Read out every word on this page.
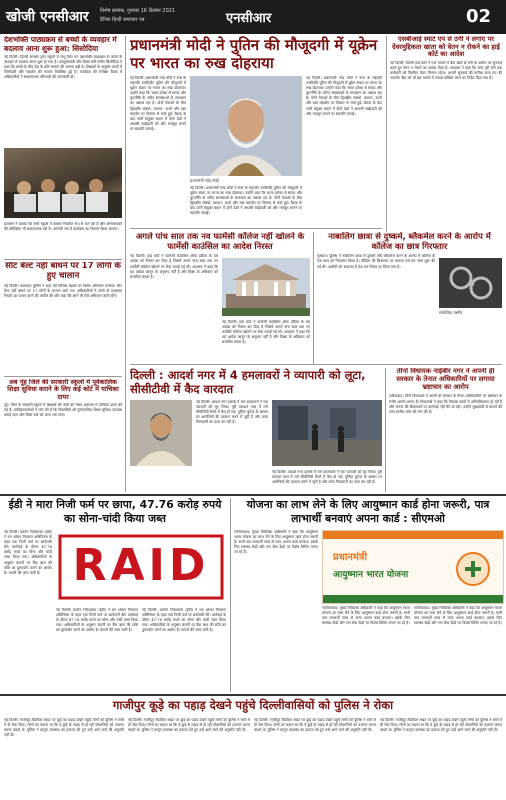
खोजी एनसीआर विशेष क्रमांक, गुरुवार 16 दिसंबर 2021
दैनिक हिन्दी समाचार पत्र	एनसीआर	02
देशभक्ति पाठ्यक्रम से बच्चों के व्यवहार में बदलाव आना शुरू हुआ: सिसोदिया
नई दिल्ली। दिल्ली सरकार द्वारा स्कूलों में लागू किए गए देशभक्ति पाठ्यक्रम से बच्चों के व्यवहार में बदलाव आना शुरू हो गया है। उपमुख्यमंत्री और शिक्षा मंत्री मनीष सिसोदिया ने कहा कि बच्चों के बीच देश के प्रति सम्मान की भावना बढ़ी है। शिक्षकों के अनुसार छात्रों में जिम्मेदारी और सहयोग की भावना विकसित हुई है। कार्यक्रम की समीक्षा बैठक में अधिकारियों ने सकारात्मक परिणामों की जानकारी दी।
प्रशासन ने बताया कि सभी स्कूलों में कक्षाएं नियमित रूप से चल रही हैं और अभिभावकों की प्रतिक्रिया भी सकारात्मक रही है। आगामी सत्र में कार्यक्रम का विस्तार किया जाएगा।
सीट बेल्ट नहीं बांधने पर 17 लोगों के हुए चालान
नई दिल्ली। यातायात पुलिस ने शहर की विभिन्न सड़कों पर विशेष अभियान चलाया। सीट बेल्ट नहीं बांधने पर 17 लोगों के चालान काटे गए। अधिकारियों ने लोगों से यातायात नियमों का पालन करने की अपील की और कहा कि आगे भी ऐसे अभियान जारी रहेंगे।
अब नूंह जिले की सरकारी स्कूलों में पूर्वकालिक शिक्षा सुविधा कराने के लिए कई कोर्ट में याचिका दायर
नूंह। जिले के सरकारी स्कूलों में शिक्षकों की कमी को लेकर अदालत में याचिका दायर की गई है। याचिकाकर्ताओं ने मांग की है कि विद्यार्थियों को पूर्णकालिक शिक्षा सुविधा उपलब्ध कराई जाए और रिक्त पदों को जल्द भरा जाए।
प्रधानमंत्री मोदी ने पुतिन की मौजूदगी में यूक्रेन पर भारत का रुख दोहराया
नई दिल्ली। प्रधानमंत्री नरेंद्र मोदी ने रूस के राष्ट्रपति व्लादिमीर पुतिन की मौजूदगी में यूक्रेन संकट पर भारत का रुख दोहराया। उन्होंने कहा कि भारत हमेशा से संवाद और कूटनीति के जरिए समस्याओं के समाधान का पक्षधर रहा है। दोनों नेताओं के बीच द्विपक्षीय संबंधों, व्यापार, ऊर्जा और रक्षा सहयोग पर विस्तार से चर्चा हुई। बैठक के बाद जारी संयुक्त बयान में दोनों देशों ने आपसी साझेदारी को और मजबूत बनाने पर सहमति जताई।
प्रधानमंत्री नरेंद्र मोदी
नई दिल्ली। प्रधानमंत्री नरेंद्र मोदी ने रूस के राष्ट्रपति व्लादिमीर पुतिन की मौजूदगी में यूक्रेन संकट पर भारत का रुख दोहराया। उन्होंने कहा कि भारत हमेशा से संवाद और कूटनीति के जरिए समस्याओं के समाधान का पक्षधर रहा है। दोनों नेताओं के बीच द्विपक्षीय संबंधों, व्यापार, ऊर्जा और रक्षा सहयोग पर विस्तार से चर्चा हुई। बैठक के बाद जारी संयुक्त बयान में दोनों देशों ने आपसी साझेदारी को और मजबूत बनाने पर सहमति जताई।
नई दिल्ली। प्रधानमंत्री नरेंद्र मोदी ने रूस के राष्ट्रपति व्लादिमीर पुतिन की मौजूदगी में यूक्रेन संकट पर भारत का रुख दोहराया। उन्होंने कहा कि भारत हमेशा से संवाद और कूटनीति के जरिए समस्याओं के समाधान का पक्षधर रहा है। दोनों नेताओं के बीच द्विपक्षीय संबंधों, व्यापार, ऊर्जा और रक्षा सहयोग पर विस्तार से चर्चा हुई। बैठक के बाद जारी संयुक्त बयान में दोनों देशों ने आपसी साझेदारी को और मजबूत बनाने पर सहमति जताई।
एसबीआई स्मार्ट एप से ठगी ने लगाए पर देवरमुद्दिकता खाता को वेतन न रोकने का हाई कोर्ट का आदेश
नई दिल्ली। दिल्ली हाई कोर्ट ने एक मामले में बैंक खाते से ठगी के आरोप पर सुनवाई करते हुए वेतन न रोकने का आदेश दिया है। अदालत ने कहा कि जांच पूरी होने तक कर्मचारी को नियमित वेतन मिलता रहेगा। अगली सुनवाई की तारीख जल्द तय की जाएगी। बैंक को भी इस मामले में जवाब दाखिल करने का निर्देश दिया गया है।
अगले पांच साल तक नव फार्मेसी कॉलेज नहीं खोलने के फार्मेसी काउंसिल का आदेश निरस्त
नई दिल्ली। हाई कोर्ट ने फार्मेसी काउंसिल ऑफ इंडिया के उस आदेश को निरस्त कर दिया है जिसमें अगले पांच साल तक नए फार्मेसी कॉलेज खोलने पर रोक लगाई गई थी। अदालत ने कहा कि यह आदेश कानून के अनुरूप नहीं है और शिक्षा के अधिकार को प्रभावित करता है।
नई दिल्ली। हाई कोर्ट ने फार्मेसी काउंसिल ऑफ इंडिया के उस आदेश को निरस्त कर दिया है जिसमें अगले पांच साल तक नए फार्मेसी कॉलेज खोलने पर रोक लगाई गई थी। अदालत ने कहा कि यह आदेश कानून के अनुरूप नहीं है और शिक्षा के अधिकार को प्रभावित करता है।
नाबालिग छात्रा से दुष्कर्म, ब्लैकमेल करने के आरोप में कॉलेज का छात्र गिरफ्तार
गुरुग्राम। पुलिस ने नाबालिग छात्रा से दुष्कर्म और ब्लैकमेल करने के आरोप में कॉलेज के एक छात्र को गिरफ्तार किया है। पीड़िता की शिकायत पर मामला दर्ज कर जांच शुरू की गई थी। आरोपी को अदालत में पेश कर रिमांड पर लिया गया है।
सांकेतिक तस्वीर
दिल्ली : आदर्श नगर में 4 हमलावरों ने व्यापारी को लूटा, सीसीटीवी में कैद वारदात
नई दिल्ली। आदर्श नगर इलाके में चार हमलावरों ने एक व्यापारी को लूट लिया। पूरी वारदात पास में लगे सीसीटीवी कैमरे में कैद हो गई। पुलिस फुटेज के आधार पर आरोपियों की पहचान करने में जुटी है और जल्द गिरफ्तारी का दावा कर रही है।
नई दिल्ली। आदर्श नगर इलाके में चार हमलावरों ने एक व्यापारी को लूट लिया। पूरी वारदात पास में लगे सीसीटीवी कैमरे में कैद हो गई। पुलिस फुटेज के आधार पर आरोपियों की पहचान करने में जुटी है और जल्द गिरफ्तारी का दावा कर रही है।
तीनों विधायक नाईबीर नगर ने अपनी ही सरकार के तेनात अधिकारियों पर लगाया भ्रष्टाचार का आरोप
फरीदाबाद। तीनों विधायकों ने अपनी ही सरकार के तैनात अधिकारियों पर भ्रष्टाचार के गंभीर आरोप लगाए हैं। विधायकों ने कहा कि विकास कार्यों में अनियमितताएं हो रही हैं और जनता की शिकायतों पर कार्रवाई नहीं की जा रही। उन्होंने मुख्यमंत्री से मामले की उच्च स्तरीय जांच की मांग की है।
ईडी ने मारा निजी फर्म पर छापा, 47.76 करोड़ रुपये का सोना-चांदी किया जब्त
नई दिल्ली। प्रवर्तन निदेशालय (ईडी) ने धन शोधन निवारण अधिनियम के तहत एक निजी फर्म पर छापेमारी की। कार्रवाई के दौरान 47.76 करोड़ रुपये का सोना और चांदी जब्त किया गया। अधिकारियों के अनुसार कंपनी पर बैंक ऋण की राशि का दुरुपयोग करने का आरोप है। मामले की जांच जारी है। RAID
नई दिल्ली। प्रवर्तन निदेशालय (ईडी) ने धन शोधन निवारण अधिनियम के तहत एक निजी फर्म पर छापेमारी की। कार्रवाई के दौरान 47.76 करोड़ रुपये का सोना और चांदी जब्त किया गया। अधिकारियों के अनुसार कंपनी पर बैंक ऋण की राशि का दुरुपयोग करने का आरोप है। मामले की जांच जारी है।
नई दिल्ली। प्रवर्तन निदेशालय (ईडी) ने धन शोधन निवारण अधिनियम के तहत एक निजी फर्म पर छापेमारी की। कार्रवाई के दौरान 47.76 करोड़ रुपये का सोना और चांदी जब्त किया गया। अधिकारियों के अनुसार कंपनी पर बैंक ऋण की राशि का दुरुपयोग करने का आरोप है। मामले की जांच जारी है।
योजना का लाभ लेने के लिए आयुष्मान कार्ड होना जरूरी, पात्र लाभार्थी बनवाएं अपना कार्ड : सीएमओ
गाजियाबाद। मुख्य चिकित्सा अधिकारी ने कहा कि आयुष्मान भारत योजना का लाभ लेने के लिए आयुष्मान कार्ड होना जरूरी है। सभी पात्र लाभार्थी जल्द से जल्द अपना कार्ड बनवाएं। इसके लिए स्वास्थ्य केंद्रों और जन सेवा केंद्रों पर विशेष शिविर लगाए जा रहे हैं।	प्रधानमंत्री
आयुष्मान भारत योजना
गाजियाबाद। मुख्य चिकित्सा अधिकारी ने कहा कि आयुष्मान भारत योजना का लाभ लेने के लिए आयुष्मान कार्ड होना जरूरी है। सभी पात्र लाभार्थी जल्द से जल्द अपना कार्ड बनवाएं। इसके लिए स्वास्थ्य केंद्रों और जन सेवा केंद्रों पर विशेष शिविर लगाए जा रहे हैं।
गाजियाबाद। मुख्य चिकित्सा अधिकारी ने कहा कि आयुष्मान भारत योजना का लाभ लेने के लिए आयुष्मान कार्ड होना जरूरी है। सभी पात्र लाभार्थी जल्द से जल्द अपना कार्ड बनवाएं। इसके लिए स्वास्थ्य केंद्रों और जन सेवा केंद्रों पर विशेष शिविर लगाए जा रहे हैं।
गाजीपुर कूड़े का पहाड़ देखने पहुंचे दिल्लीवासियों को पुलिस ने रोका
नई दिल्ली। गाजीपुर लैंडफिल साइट पर कूड़े का पहाड़ देखने पहुंचे लोगों को पुलिस ने रास्ते में ही रोक दिया। लोगों का कहना था कि वे कूड़े के पहाड़ से हो रही परेशानियों को उजागर करना चाहते थे। पुलिस ने कानून व्यवस्था का हवाला देते हुए उन्हें आगे जाने की अनुमति नहीं दी।
नई दिल्ली। गाजीपुर लैंडफिल साइट पर कूड़े का पहाड़ देखने पहुंचे लोगों को पुलिस ने रास्ते में ही रोक दिया। लोगों का कहना था कि वे कूड़े के पहाड़ से हो रही परेशानियों को उजागर करना चाहते थे। पुलिस ने कानून व्यवस्था का हवाला देते हुए उन्हें आगे जाने की अनुमति नहीं दी।
नई दिल्ली। गाजीपुर लैंडफिल साइट पर कूड़े का पहाड़ देखने पहुंचे लोगों को पुलिस ने रास्ते में ही रोक दिया। लोगों का कहना था कि वे कूड़े के पहाड़ से हो रही परेशानियों को उजागर करना चाहते थे। पुलिस ने कानून व्यवस्था का हवाला देते हुए उन्हें आगे जाने की अनुमति नहीं दी।
नई दिल्ली। गाजीपुर लैंडफिल साइट पर कूड़े का पहाड़ देखने पहुंचे लोगों को पुलिस ने रास्ते में ही रोक दिया। लोगों का कहना था कि वे कूड़े के पहाड़ से हो रही परेशानियों को उजागर करना चाहते थे। पुलिस ने कानून व्यवस्था का हवाला देते हुए उन्हें आगे जाने की अनुमति नहीं दी।
